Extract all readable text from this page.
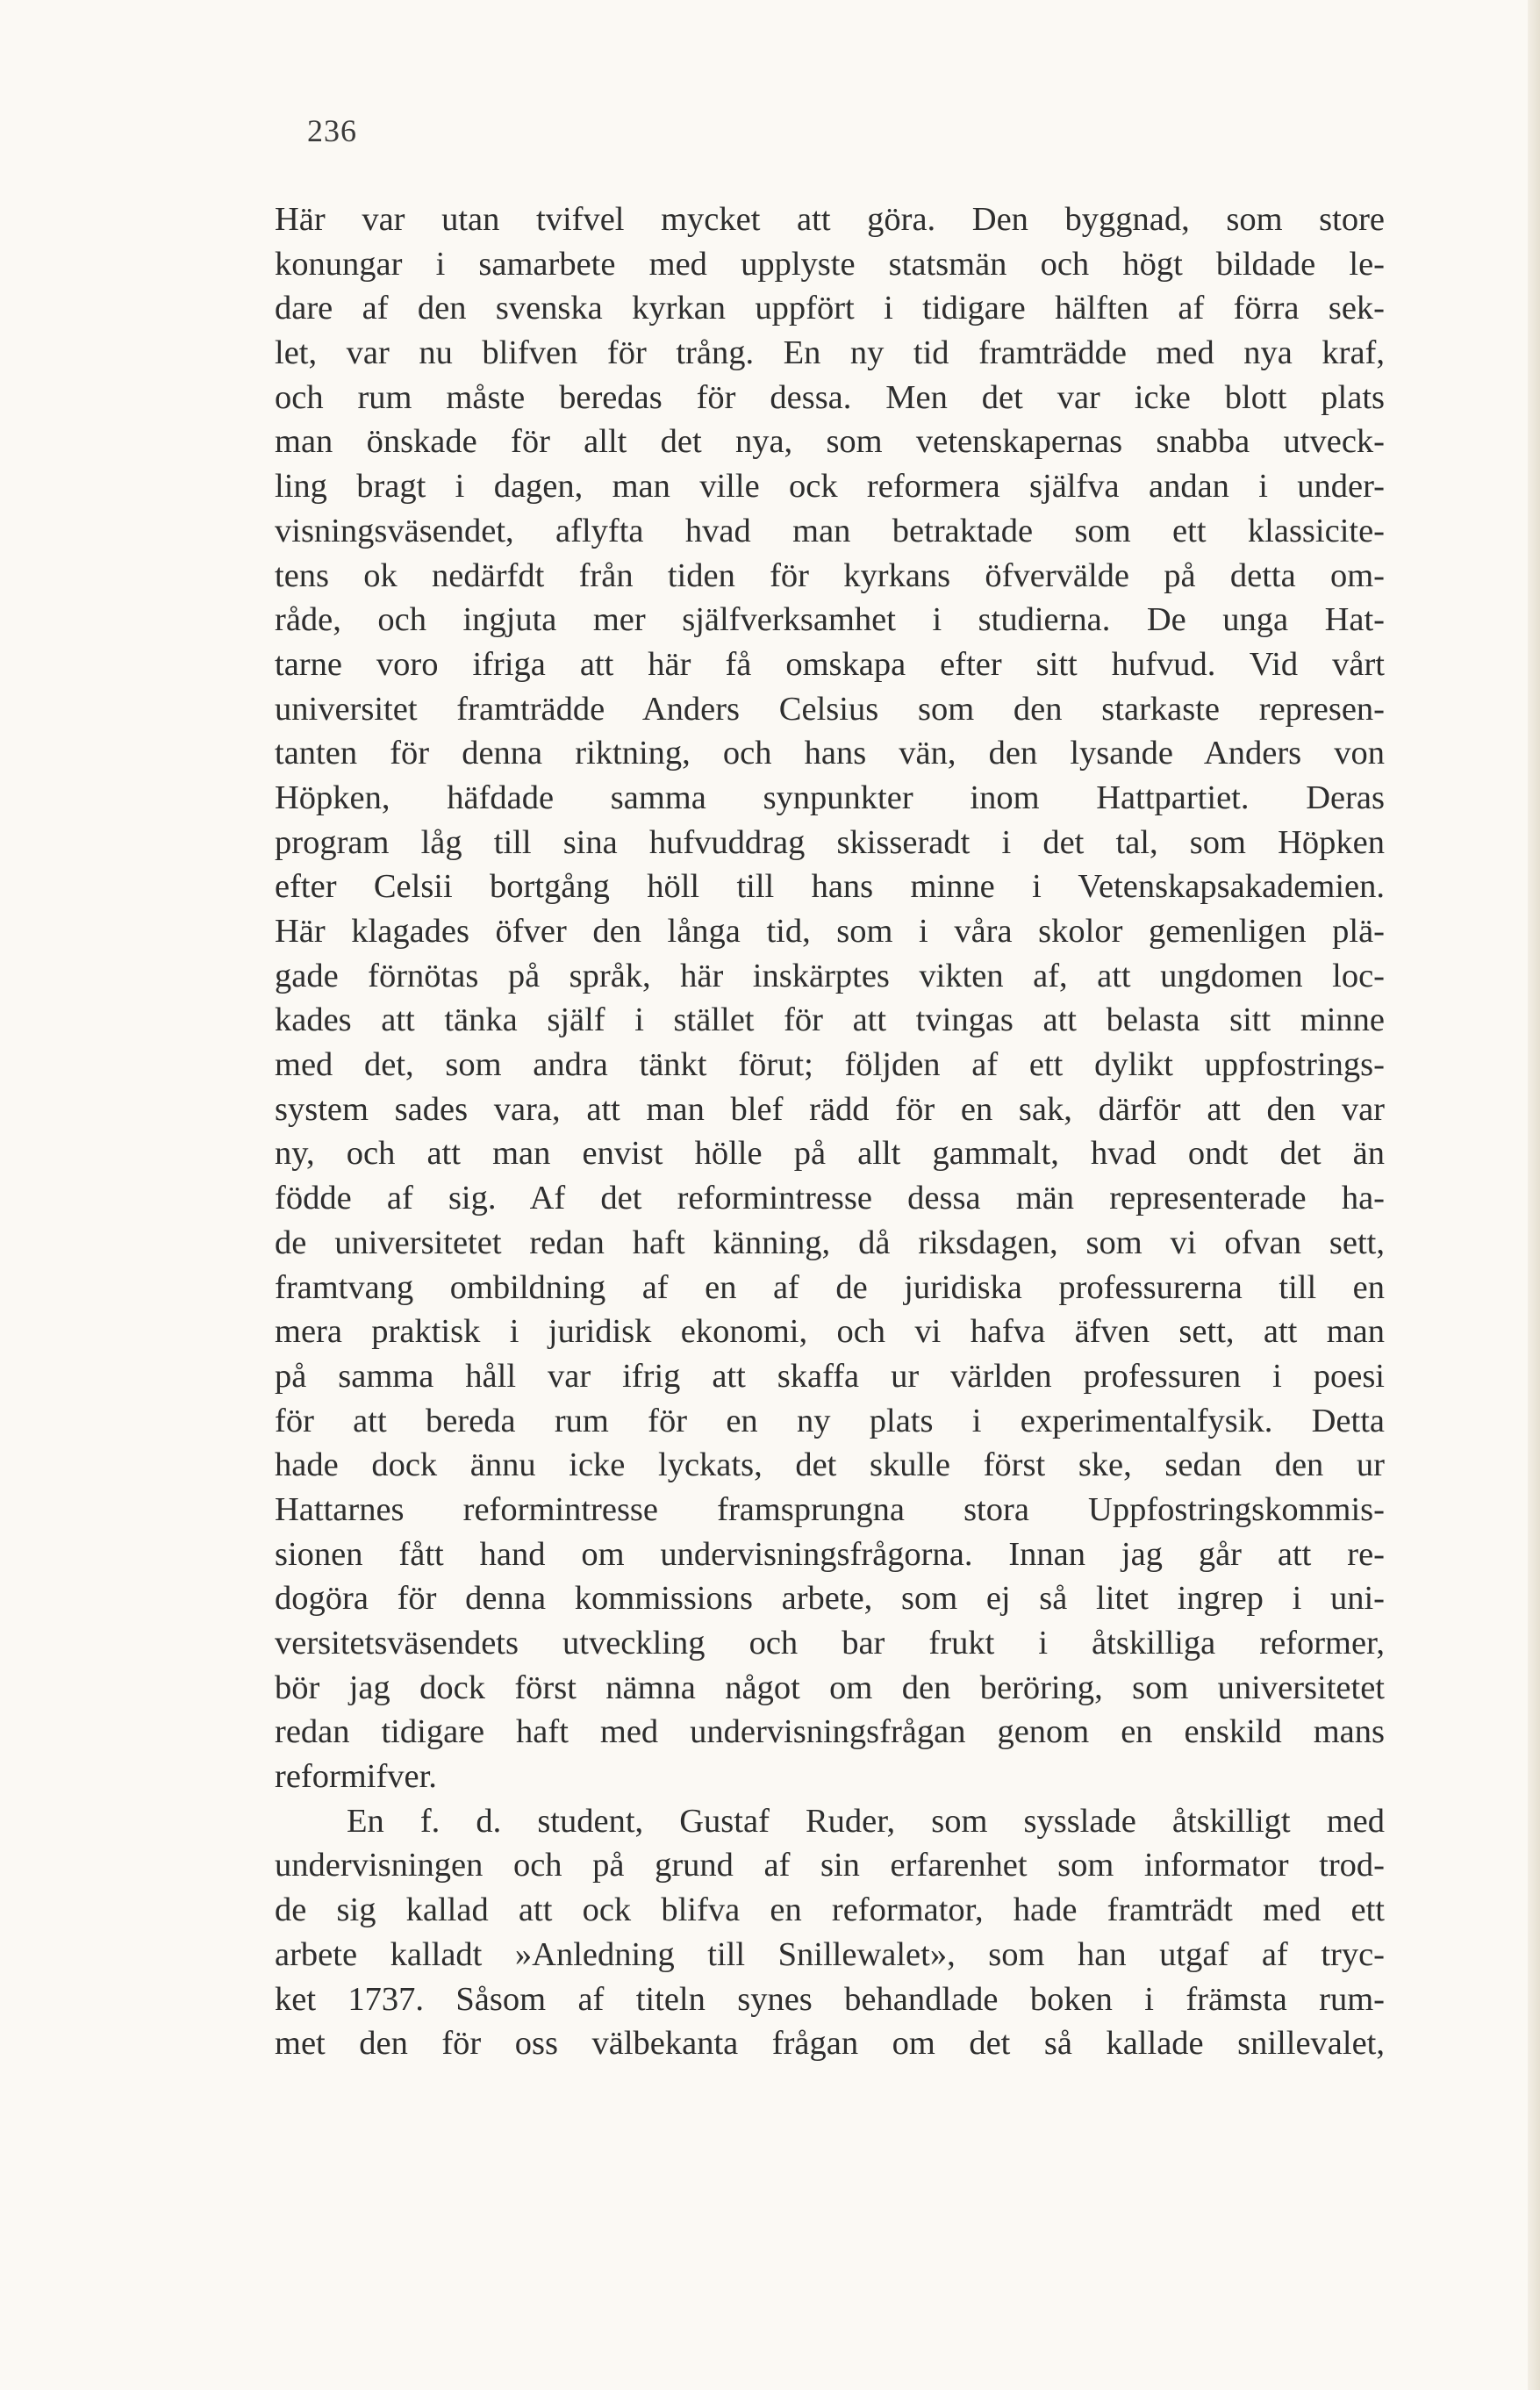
236
Här var utan tvifvel mycket att göra. Den byggnad, som store
konungar i samarbete med upplyste statsmän och högt bildade le-
dare af den svenska kyrkan uppfört i tidigare hälften af förra sek-
let, var nu blifven för trång. En ny tid framträdde med nya kraf,
och rum måste beredas för dessa. Men det var icke blott plats
man önskade för allt det nya, som vetenskapernas snabba utveck-
ling bragt i dagen, man ville ock reformera själfva andan i under-
visningsväsendet, aflyfta hvad man betraktade som ett klassicite-
tens ok nedärfdt från tiden för kyrkans öfvervälde på detta om-
råde, och ingjuta mer själfverksamhet i studierna. De unga Hat-
tarne voro ifriga att här få omskapa efter sitt hufvud. Vid vårt
universitet framträdde Anders Celsius som den starkaste represen-
tanten för denna riktning, och hans vän, den lysande Anders von
Höpken, häfdade samma synpunkter inom Hattpartiet. Deras
program låg till sina hufvuddrag skisseradt i det tal, som Höpken
efter Celsii bortgång höll till hans minne i Vetenskapsakademien.
Här klagades öfver den långa tid, som i våra skolor gemenligen plä-
gade förnötas på språk, här inskärptes vikten af, att ungdomen loc-
kades att tänka själf i stället för att tvingas att belasta sitt minne
med det, som andra tänkt förut; följden af ett dylikt uppfostrings-
system sades vara, att man blef rädd för en sak, därför att den var
ny, och att man envist hölle på allt gammalt, hvad ondt det än
födde af sig. Af det reformintresse dessa män representerade ha-
de universitetet redan haft känning, då riksdagen, som vi ofvan sett,
framtvang ombildning af en af de juridiska professurerna till en
mera praktisk i juridisk ekonomi, och vi hafva äfven sett, att man
på samma håll var ifrig att skaffa ur världen professuren i poesi
för att bereda rum för en ny plats i experimentalfysik. Detta
hade dock ännu icke lyckats, det skulle först ske, sedan den ur
Hattarnes reformintresse framsprungna stora Uppfostringskommis-
sionen fått hand om undervisningsfrågorna. Innan jag går att re-
dogöra för denna kommissions arbete, som ej så litet ingrep i uni-
versitetsväsendets utveckling och bar frukt i åtskilliga reformer,
bör jag dock först nämna något om den beröring, som universitetet
redan tidigare haft med undervisningsfrågan genom en enskild mans
reformifver.
En f. d. student, Gustaf Ruder, som sysslade åtskilligt med
undervisningen och på grund af sin erfarenhet som informator trod-
de sig kallad att ock blifva en reformator, hade framträdt med ett
arbete kalladt »Anledning till Snillewalet», som han utgaf af tryc-
ket 1737. Såsom af titeln synes behandlade boken i främsta rum-
met den för oss välbekanta frågan om det så kallade snillevalet,
